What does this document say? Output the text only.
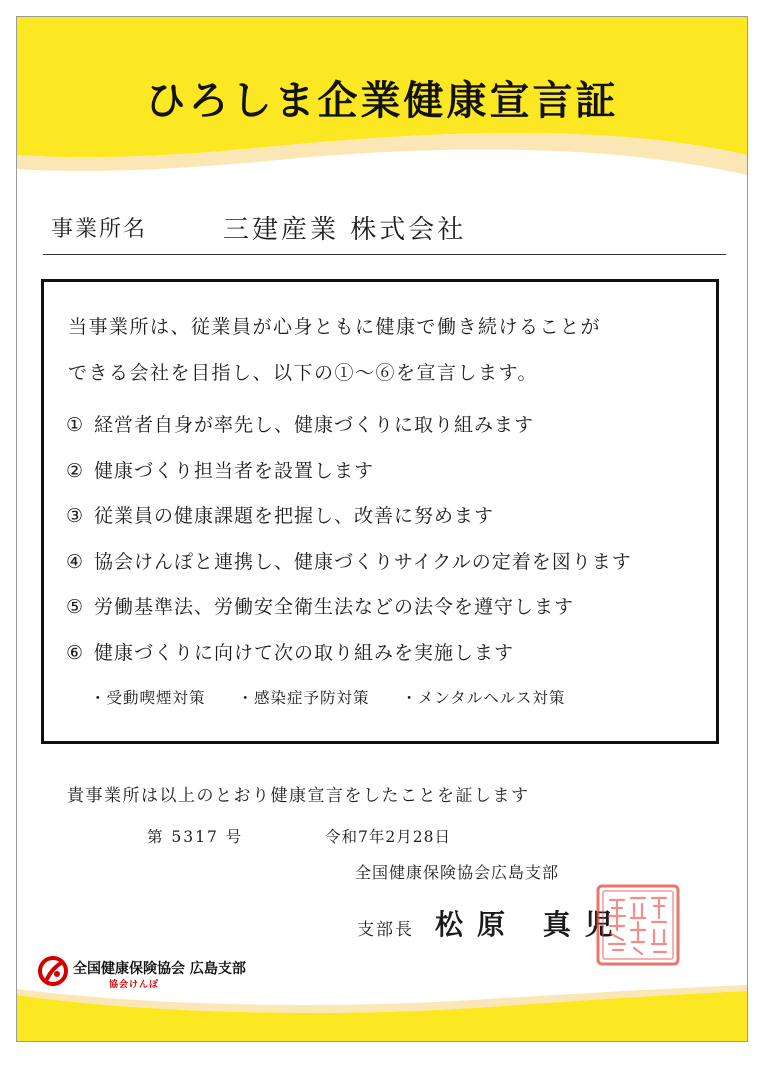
ひろしま企業健康宣言証
事業所名	三建産業 株式会社
当事業所は、従業員が心身ともに健康で働き続けることが
できる会社を目指し、以下の①～⑥を宣言します。
① 経営者自身が率先し、健康づくりに取り組みます
② 健康づくり担当者を設置します
③ 従業員の健康課題を把握し、改善に努めます
④ 協会けんぽと連携し、健康づくりサイクルの定着を図ります
⑤ 労働基準法、労働安全衛生法などの法令を遵守します
⑥ 健康づくりに向けて次の取り組みを実施します
・受動喫煙対策 ・感染症予防対策 ・メンタルヘルス対策
貴事業所は以上のとおり健康宣言をしたことを証します
第 5317 号	令和7年2月28日
全国健康保険協会広島支部
支部長 松原 真児
全国健康保険協会 広島支部
協会けんぽ
